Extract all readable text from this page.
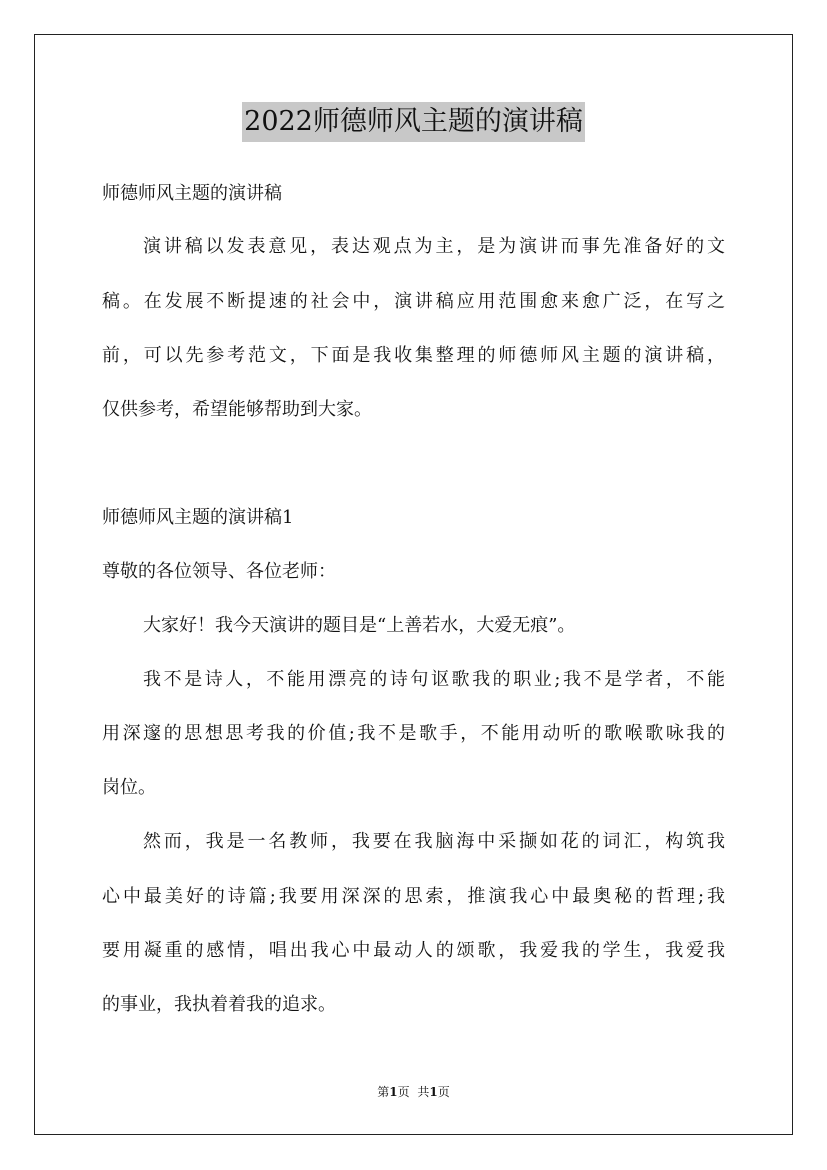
2022师德师风主题的演讲稿
师德师风主题的演讲稿
演讲稿以发表意见，表达观点为主，是为演讲而事先准备好的文
稿。在发展不断提速的社会中，演讲稿应用范围愈来愈广泛，在写之
前，可以先参考范文，下面是我收集整理的师德师风主题的演讲稿，
仅供参考，希望能够帮助到大家。
师德师风主题的演讲稿1
尊敬的各位领导、各位老师：
大家好！我今天演讲的题目是“上善若水，大爱无痕”。
我不是诗人，不能用漂亮的诗句讴歌我的职业;我不是学者，不能
用深邃的思想思考我的价值;我不是歌手，不能用动听的歌喉歌咏我的
岗位。
然而，我是一名教师，我要在我脑海中采撷如花的词汇，构筑我
心中最美好的诗篇;我要用深深的思索，推演我心中最奥秘的哲理;我
要用凝重的感情，唱出我心中最动人的颂歌，我爱我的学生，我爱我
的事业，我执着着我的追求。
第1页 共1页
